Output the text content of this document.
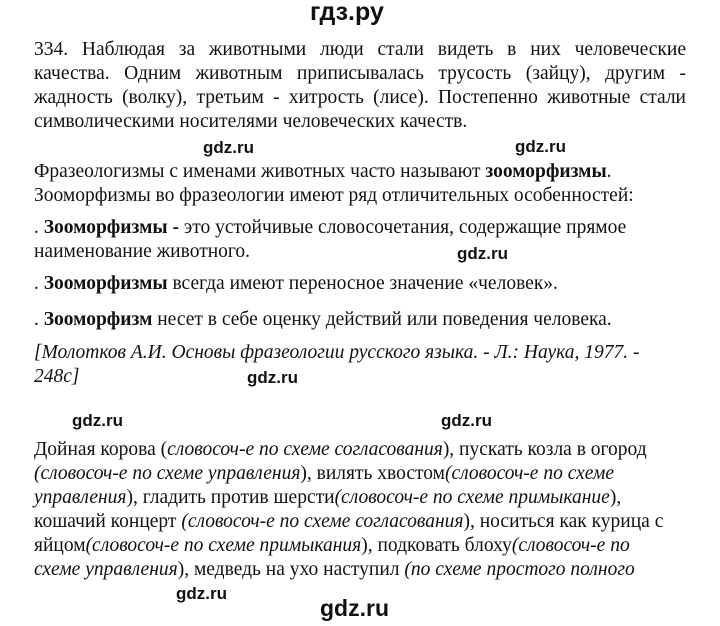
гдз.ру
334. Наблюдая за животными люди стали видеть в них человеческие
качества. Одним животным приписывалась трусость (зайцу), другим -
жадность (волку), третьим - хитрость (лисе). Постепенно животные стали
символическими носителями человеческих качеств.
Фразеологизмы с именами животных часто называют зооморфизмы.
Зооморфизмы во фразеологии имеют ряд отличительных особенностей:
. Зооморфизмы - это устойчивые словосочетания, содержащие прямое
наименование животного.
. Зооморфизмы всегда имеют переносное значение «человек».
. Зооморфизм несет в себе оценку действий или поведения человека.
[Молотков А.И. Основы фразеологии русского языка. - Л.: Наука, 1977. -
248с]
Дойная корова (словосоч-е по схеме согласования), пускать козла в огород
(словосоч-е по схеме управления), вилять хвостом(словосоч-е по схеме
управления), гладить против шерсти(словосоч-е по схеме примыкание),
кошачий концерт (словосоч-е по схеме согласования), носиться как курица с
яйцом(словосоч-е по схеме примыкания), подковать блоху(словосоч-е по
схеме управления), медведь на ухо наступил (по схеме простого полного
gdz.ru
gdz.ru
gdz.ru
gdz.ru
gdz.ru
gdz.ru
gdz.ru
gdz.ru
